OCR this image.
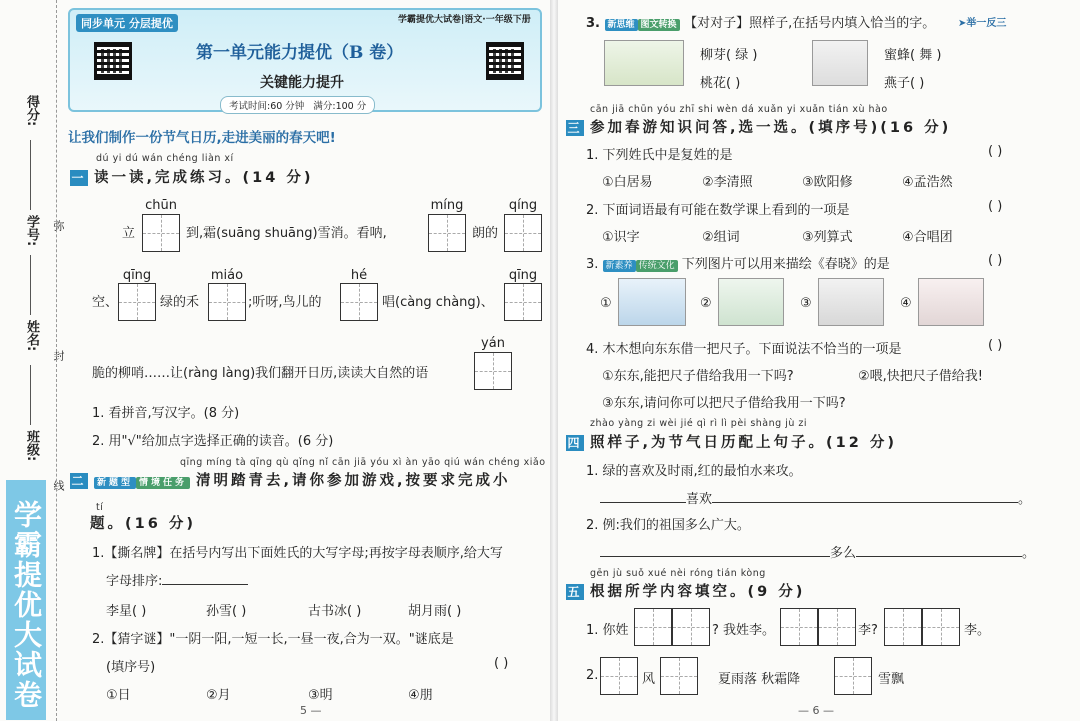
得分:
学号:
姓名:
班级:
弥
封
线
学霸提优大试卷
同步单元 分层提优
第一单元能力提优（B 卷）
关键能力提升
考试时间:60 分钟 满分:100 分
学霸提优大试卷|语文·一年级下册
让我们制作一份节气日历,走进美丽的春天吧!
dú yi dú wán chéng liàn xí
一 读一读,完成练习。(14 分)
立
chūn
到,霜(suāng shuāng)雪消。看呐,
míng
朗的
qíng
空、
qīng
绿的禾
miáo
;听呀,鸟儿的
hé
唱(càng chàng)、
qīng
脆的柳哨……让(ràng làng)我们翻开日历,读读大自然的语
yán
1. 看拼音,写汉字。(8 分)
2. 用"√"给加点字选择正确的读音。(6 分)
qīng míng tà qīng qù qǐng nǐ cān jiā yóu xì àn yāo qiú wán chéng xiǎo
二 新题型 情境任务 清明踏青去,请你参加游戏,按要求完成小
tí
题。(16 分)
1.【撕名牌】在括号内写出下面姓氏的大写字母;再按字母表顺序,给大写
字母排序:
李星( )	孙雪( )	古书冰( )	胡月雨( )
2.【猜字谜】"一阴一阳,一短一长,一昼一夜,合为一双。"谜底是
(填序号)	( )
①日	②月	③明	④朋
5 —
3. 新思维 图文转换 【对对子】照样子,在括号内填入恰当的字。 ➤举一反三
柳芽( 绿 )	蜜蜂( 舞 )
桃花( )	燕子( )
cān jiā chūn yóu zhī shi wèn dá xuǎn yi xuǎn tián xù hào
三 参加春游知识问答,选一选。(填序号)(16 分)
1. 下列姓氏中是复姓的是	( )
①白居易	②李清照	③欧阳修	④孟浩然
2. 下面词语最有可能在数学课上看到的一项是	( )
①识字	②组词	③列算式	④合唱团
3. 新素养 传统文化 下列图片可以用来描绘《春晓》的是	( )
①	②	③	④
4. 木木想向东东借一把尺子。下面说法不恰当的一项是	( )
①东东,能把尺子借给我用一下吗?	②喂,快把尺子借给我!
③东东,请问你可以把尺子借给我用一下吗?
zhào yàng zi wèi jié qì rì lì pèi shàng jù zi
四 照样子,为节气日历配上句子。(12 分)
1. 绿的喜欢及时雨,红的最怕水来攻。
喜欢	。
2. 例:我们的祖国多么广大。
多么	。
gēn jù suǒ xué nèi róng tián kòng
五 根据所学内容填空。(9 分)
1. 你姓	? 我姓李。	李?	李。
2.	风	夏雨落 秋霜降	雪飘
— 6 —
